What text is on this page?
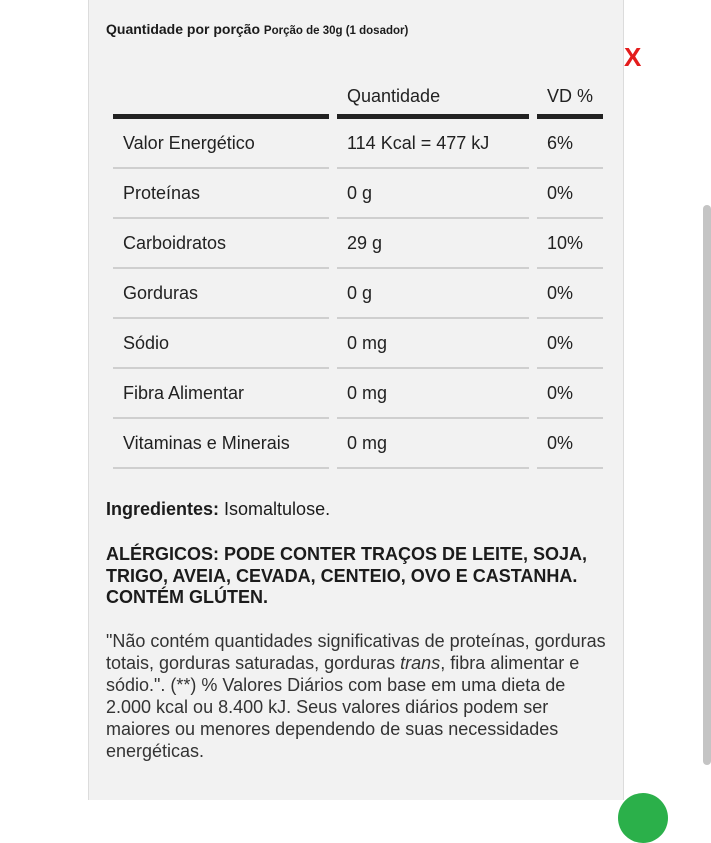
Quantidade por porção Porção de 30g (1 dosador)
X
	Quantidade	VD %
Valor Energético	114 Kcal = 477 kJ	6%
Proteínas	0 g	0%
Carboidratos	29 g	10%
Gorduras	0 g	0%
Sódio	0 mg	0%
Fibra Alimentar	0 mg	0%
Vitaminas e Minerais	0 mg	0%
Ingredientes: Isomaltulose.
ALÉRGICOS: PODE CONTER TRAÇOS DE LEITE, SOJA, TRIGO, AVEIA, CEVADA, CENTEIO, OVO E CASTANHA. CONTÉM GLÚTEN.
"Não contém quantidades significativas de proteínas, gorduras totais, gorduras saturadas, gorduras trans, fibra alimentar e sódio.". (**) % Valores Diários com base em uma dieta de 2.000 kcal ou 8.400 kJ. Seus valores diários podem ser maiores ou menores dependendo de suas necessidades energéticas.
